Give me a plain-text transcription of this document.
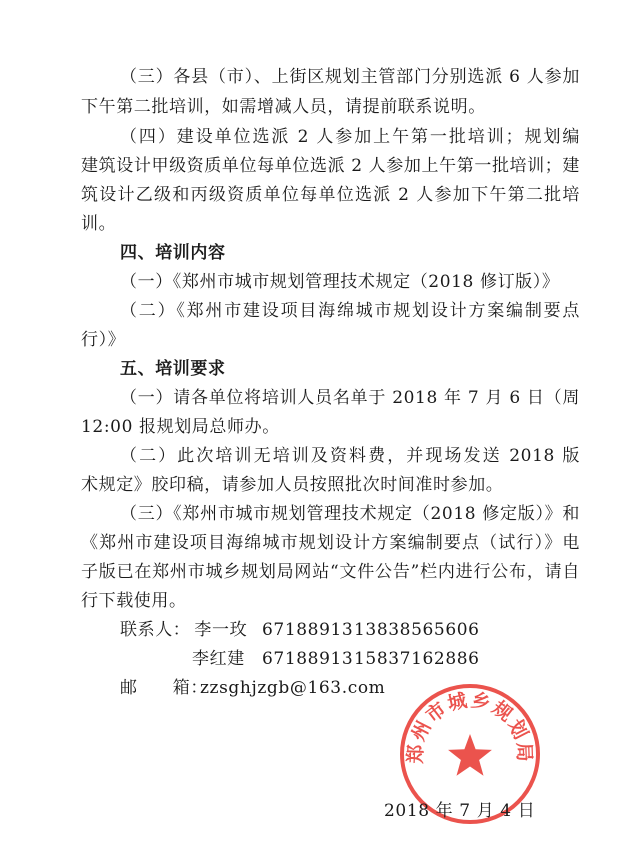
（三）各县（市）、上街区规划主管部门分别选派 6 人参加
下午第二批培训，如需增减人员，请提前联系说明。
（四）建设单位选派 2 人参加上午第一批培训；规划编
建筑设计甲级资质单位每单位选派 2 人参加上午第一批培训；建
筑设计乙级和丙级资质单位每单位选派 2 人参加下午第二批培
训。
四、培训内容
（一）《郑州市城市规划管理技术规定（2018 修订版）》
（二）《郑州市建设项目海绵城市规划设计方案编制要点
行）》
五、培训要求
（一）请各单位将培训人员名单于 2018 年 7 月 6 日（周
12:00 报规划局总师办。
（二）此次培训无培训及资料费，并现场发送 2018 版
术规定》胶印稿，请参加人员按照批次时间准时参加。
（三）《郑州市城市规划管理技术规定（2018 修定版）》和
《郑州市建设项目海绵城市规划设计方案编制要点（试行）》电
子版已在郑州市城乡规划局网站“文件公告”栏内进行公布，请自
行下载使用。
联系人： 李一玫 67188913 13838565606
李红建 67188913 15837162886
邮　　箱：
zzsghjzgb@163.com
郑州市城乡规划局
2018 年 7 月 4 日
